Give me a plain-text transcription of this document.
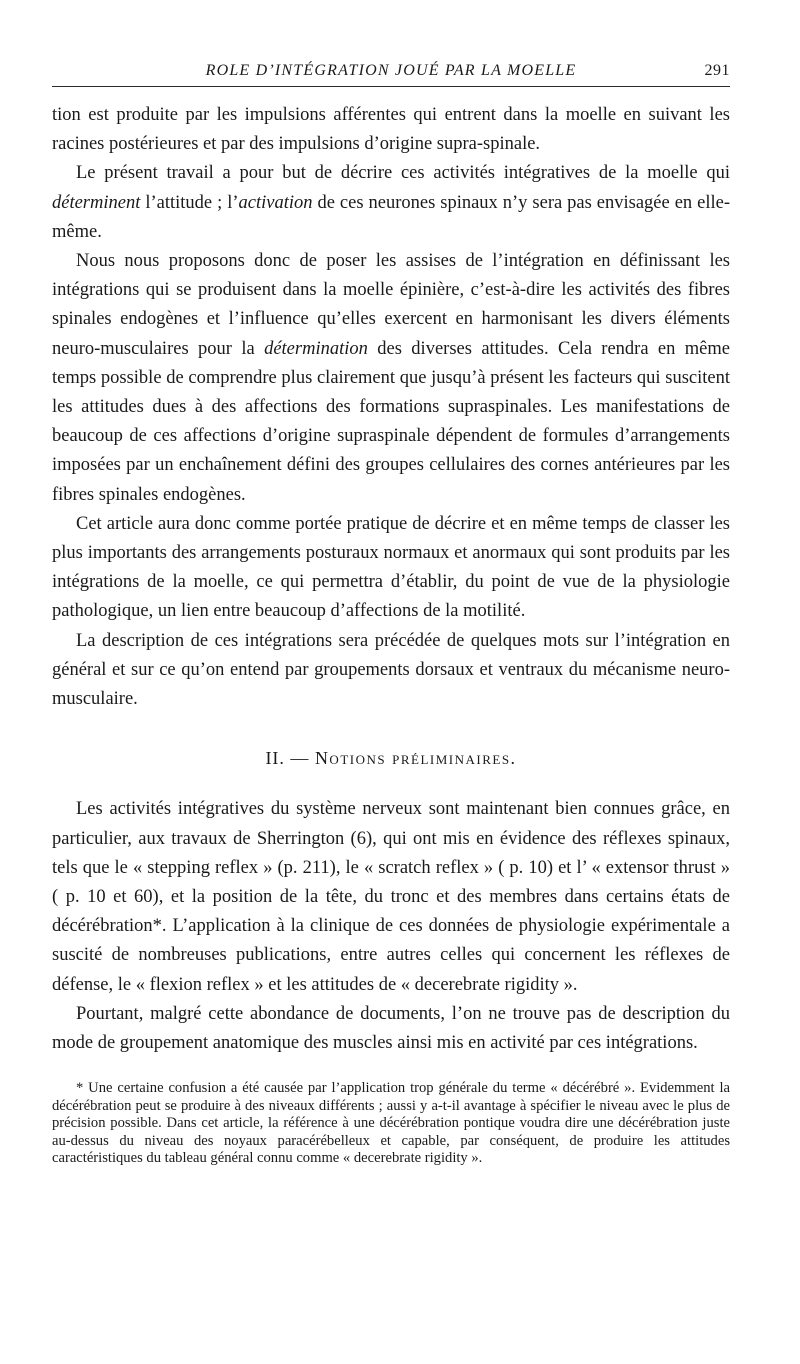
ROLE D’INTÉGRATION JOUÉ PAR LA MOELLE	291

tion est produite par les impulsions afférentes qui entrent dans la moelle en suivant les racines postérieures et par des impulsions d’origine supra-spinale.

Le présent travail a pour but de décrire ces activités intégratives de la moelle qui déterminent l’attitude ; l’activation de ces neurones spinaux n’y sera pas envisagée en elle-même.

Nous nous proposons donc de poser les assises de l’intégration en définissant les intégrations qui se produisent dans la moelle épinière, c’est-à-dire les activités des fibres spinales endogènes et l’influence qu’elles exercent en harmonisant les divers éléments neuro-musculaires pour la détermination des diverses attitudes. Cela rendra en même temps possible de comprendre plus clairement que jusqu’à présent les facteurs qui suscitent les attitudes dues à des affections des formations supraspinales. Les manifestations de beaucoup de ces affections d’origine supraspinale dépendent de formules d’arrangements imposées par un enchaînement défini des groupes cellulaires des cornes antérieures par les fibres spinales endogènes.

Cet article aura donc comme portée pratique de décrire et en même temps de classer les plus importants des arrangements posturaux normaux et anormaux qui sont produits par les intégrations de la moelle, ce qui permettra d’établir, du point de vue de la physiologie pathologique, un lien entre beaucoup d’affections de la motilité.

La description de ces intégrations sera précédée de quelques mots sur l’intégration en général et sur ce qu’on entend par groupements dorsaux et ventraux du mécanisme neuro-musculaire.

II. — Notions préliminaires.

Les activités intégratives du système nerveux sont maintenant bien connues grâce, en particulier, aux travaux de Sherrington (6), qui ont mis en évidence des réflexes spinaux, tels que le « stepping reflex » (p. 211), le « scratch reflex » ( p. 10) et l’ « extensor thrust » ( p. 10 et 60), et la position de la tête, du tronc et des membres dans certains états de décérébration*. L’application à la clinique de ces données de physiologie expérimentale a suscité de nombreuses publications, entre autres celles qui concernent les réflexes de défense, le « flexion reflex » et les attitudes de « decerebrate rigidity ».

Pourtant, malgré cette abondance de documents, l’on ne trouve pas de description du mode de groupement anatomique des muscles ainsi mis en activité par ces intégrations.

* Une certaine confusion a été causée par l’application trop générale du terme « décérébré ». Evidemment la décérébration peut se produire à des niveaux différents ; aussi y a-t-il avantage à spécifier le niveau avec le plus de précision possible. Dans cet article, la référence à une décérébration pontique voudra dire une décérébration juste au-dessus du niveau des noyaux paracérébelleux et capable, par conséquent, de produire les attitudes caractéristiques du tableau général connu comme « decerebrate rigidity ».
